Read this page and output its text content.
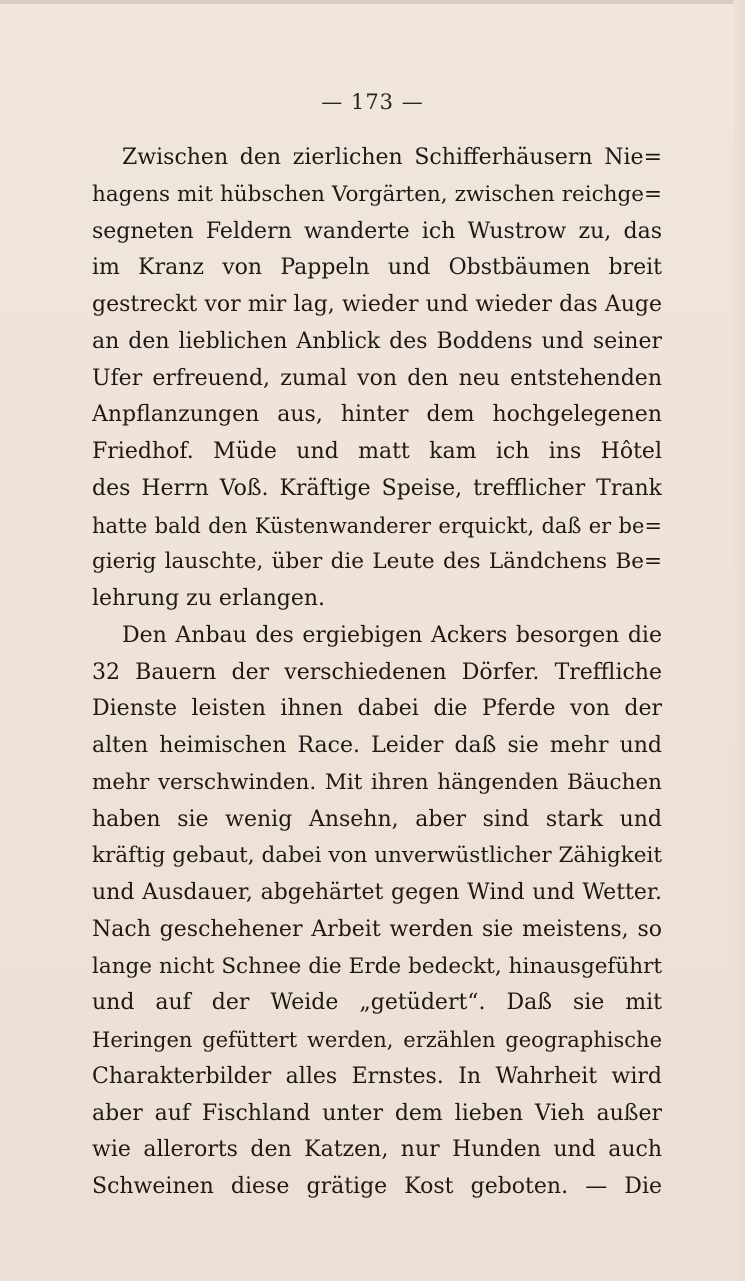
— 173 —
Zwischen den zierlichen Schifferhäusern Nie=
hagens mit hübschen Vorgärten, zwischen reichge=
segneten Feldern wanderte ich Wustrow zu, das
im Kranz von Pappeln und Obstbäumen breit
gestreckt vor mir lag, wieder und wieder das Auge
an den lieblichen Anblick des Boddens und seiner
Ufer erfreuend, zumal von den neu entstehenden
Anpflanzungen aus, hinter dem hochgelegenen
Friedhof. Müde und matt kam ich ins Hôtel
des Herrn Voß. Kräftige Speise, trefflicher Trank
hatte bald den Küstenwanderer erquickt, daß er be=
gierig lauschte, über die Leute des Ländchens Be=
lehrung zu erlangen.
Den Anbau des ergiebigen Ackers besorgen die
32 Bauern der verschiedenen Dörfer. Treffliche
Dienste leisten ihnen dabei die Pferde von der
alten heimischen Race. Leider daß sie mehr und
mehr verschwinden. Mit ihren hängenden Bäuchen
haben sie wenig Ansehn, aber sind stark und
kräftig gebaut, dabei von unverwüstlicher Zähigkeit
und Ausdauer, abgehärtet gegen Wind und Wetter.
Nach geschehener Arbeit werden sie meistens, so
lange nicht Schnee die Erde bedeckt, hinausgeführt
und auf der Weide „getüdert“. Daß sie mit
Heringen gefüttert werden, erzählen geographische
Charakterbilder alles Ernstes. In Wahrheit wird
aber auf Fischland unter dem lieben Vieh außer
wie allerorts den Katzen, nur Hunden und auch
Schweinen diese grätige Kost geboten. — Die
